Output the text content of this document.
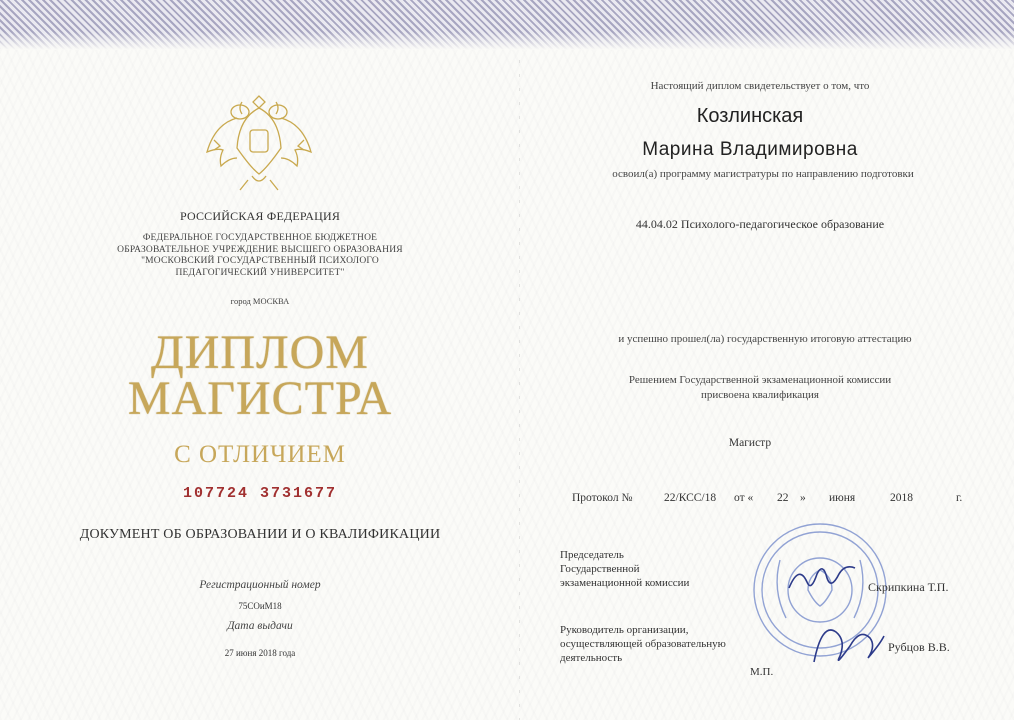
РОССИЙСКАЯ ФЕДЕРАЦИЯ
ФЕДЕРАЛЬНОЕ ГОСУДАРСТВЕННОЕ БЮДЖЕТНОЕ
ОБРАЗОВАТЕЛЬНОЕ УЧРЕЖДЕНИЕ ВЫСШЕГО ОБРАЗОВАНИЯ
"МОСКОВСКИЙ ГОСУДАРСТВЕННЫЙ ПСИХОЛОГО
ПЕДАГОГИЧЕСКИЙ УНИВЕРСИТЕТ"
город МОСКВА
ДИПЛОМ
МАГИСТРА
С ОТЛИЧИЕМ
107724 3731677
ДОКУМЕНТ ОБ ОБРАЗОВАНИИ И О КВАЛИФИКАЦИИ
Регистрационный номер
75СОиМ18
Дата выдачи
27 июня 2018 года
Настоящий диплом свидетельствует о том, что
Козлинская
Марина Владимировна
освоил(а) программу магистратуры по направлению подготовки
44.04.02 Психолого-педагогическое образование
и успешно прошел(ла) государственную итоговую аттестацию
Решением Государственной экзаменационной комиссии
присвоена квалификация
Магистр
Протокол №	22/КСС/18 от « 22 » июня	2018	г.
Председатель
Государственной
экзаменационной комиссии	Скрипкина Т.П.
Руководитель организации,
осуществляющей образовательную
деятельность
Рубцов В.В.
М.П.
